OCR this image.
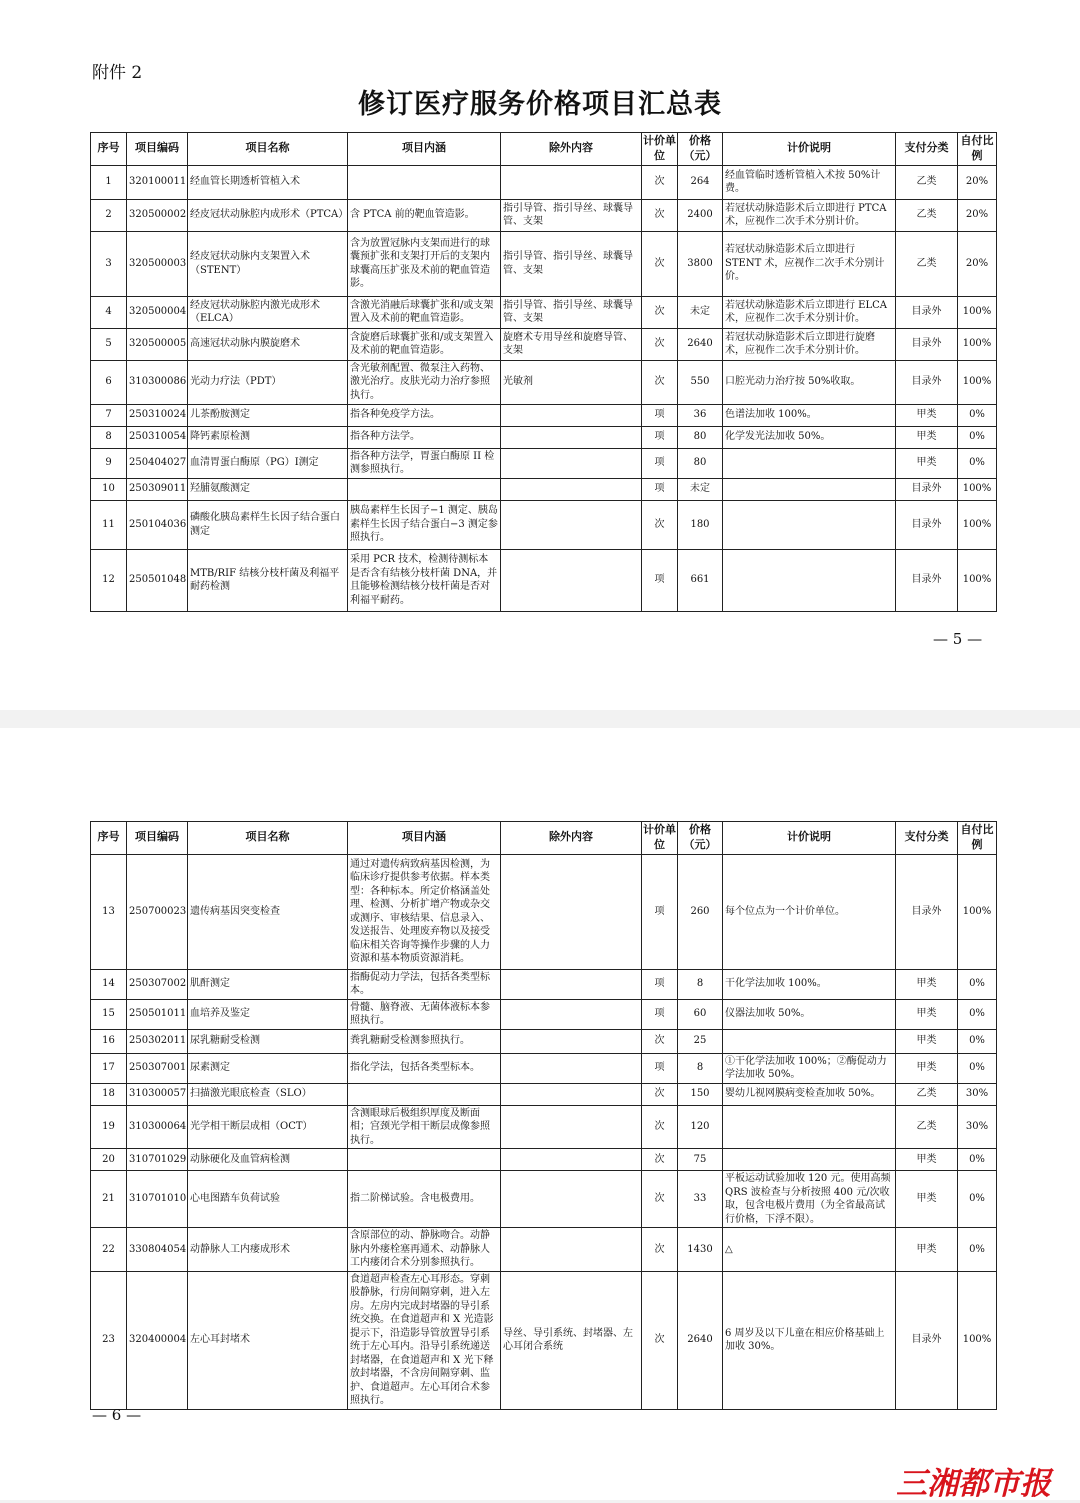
附件 2
修订医疗服务价格项目汇总表
序号	项目编码	项目名称	项目内涵	除外内容	计价单位	价格（元）	计价说明	支付分类	自付比例
1	320100011	经血管长期透析管植入术			次	264	经血管临时透析管植入术按 50%计费。	乙类	20%
2	320500002	经皮冠状动脉腔内成形术（PTCA）	含 PTCA 前的靶血管造影。	指引导管、指引导丝、球囊导管、支架	次	2400	若冠状动脉造影术后立即进行 PTCA 术，应视作二次手术分别计价。	乙类	20%
3	320500003	经皮冠状动脉内支架置入术（STENT）	含为放置冠脉内支架而进行的球囊预扩张和支架打开后的支架内球囊高压扩张及术前的靶血管造影。	指引导管、指引导丝、球囊导管、支架	次	3800	若冠状动脉造影术后立即进行 STENT 术，应视作二次手术分别计价。	乙类	20%
4	320500004	经皮冠状动脉腔内激光成形术（ELCA）	含激光消融后球囊扩张和/或支架置入及术前的靶血管造影。	指引导管、指引导丝、球囊导管、支架	次	未定	若冠状动脉造影术后立即进行 ELCA 术，应视作二次手术分别计价。	目录外	100%
5	320500005	高速冠状动脉内膜旋磨术	含旋磨后球囊扩张和/或支架置入及术前的靶血管造影。	旋磨术专用导丝和旋磨导管、支架	次	2640	若冠状动脉造影术后立即进行旋磨术，应视作二次手术分别计价。	目录外	100%
6	310300086	光动力疗法（PDT）	含光敏剂配置、微泵注入药物、激光治疗。皮肤光动力治疗参照执行。	光敏剂	次	550	口腔光动力治疗按 50%收取。	目录外	100%
7	250310024	儿茶酚胺测定	指各种免疫学方法。		项	36	色谱法加收 100%。	甲类	0%
8	250310054	降钙素原检测	指各种方法学。		项	80	化学发光法加收 50%。	甲类	0%
9	250404027	血清胃蛋白酶原（PG）Ⅰ测定	指各种方法学，胃蛋白酶原 II 检测参照执行。		项	80		甲类	0%
10	250309011	羟脯氨酸测定			项	未定		目录外	100%
11	250104036	磷酸化胰岛素样生长因子结合蛋白测定	胰岛素样生长因子−1 测定、胰岛素样生长因子结合蛋白−3 测定参照执行。		次	180		目录外	100%
12	250501048	MTB/RIF 结核分枝杆菌及利福平耐药检测	采用 PCR 技术，检测待测标本是否含有结核分枝杆菌 DNA，并且能够检测结核分枝杆菌是否对利福平耐药。		项	661		目录外	100%
— 5 —
序号	项目编码	项目名称	项目内涵	除外内容	计价单位	价格（元）	计价说明	支付分类	自付比例
13	250700023	遗传病基因突变检查	通过对遗传病致病基因检测，为临床诊疗提供参考依据。样本类型：各种标本。所定价格涵盖处理、检测、分析扩增产物或杂交或测序、审核结果、信息录入、发送报告、处理废弃物以及接受临床相关咨询等操作步骤的人力资源和基本物质资源消耗。		项	260	每个位点为一个计价单位。	目录外	100%
14	250307002	肌酐测定	指酶促动力学法，包括各类型标本。		项	8	干化学法加收 100%。	甲类	0%
15	250501011	血培养及鉴定	骨髓、脑脊液、无菌体液标本参照执行。		项	60	仪器法加收 50%。	甲类	0%
16	250302011	尿乳糖耐受检测	粪乳糖耐受检测参照执行。		次	25		甲类	0%
17	250307001	尿素测定	指化学法，包括各类型标本。		项	8	①干化学法加收 100%；②酶促动力学法加收 50%。	甲类	0%
18	310300057	扫描激光眼底检查（SLO）			次	150	婴幼儿视网膜病变检查加收 50%。	乙类	30%
19	310300064	光学相干断层成相（OCT）	含测眼球后极组织厚度及断面相；宫颈光学相干断层成像参照执行。		次	120		乙类	30%
20	310701029	动脉硬化及血管病检测			次	75		甲类	0%
21	310701010	心电图踏车负荷试验	指二阶梯试验。含电极费用。		次	33	平板运动试验加收 120 元。使用高频 QRS 波检查与分析按照 400 元/次收取，包含电极片费用（为全省最高试行价格，下浮不限）。	甲类	0%
22	330804054	动静脉人工内瘘成形术	含原部位的动、静脉吻合。动静脉内外瘘栓塞再通术、动静脉人工内瘘闭合术分别参照执行。		次	1430	△	甲类	0%
23	320400004	左心耳封堵术	食道超声检查左心耳形态。穿刺股静脉，行房间隔穿刺，进入左房。左房内完成封堵器的导引系统交换。在食道超声和 X 光造影提示下，沿造影导管放置导引系统于左心耳内。沿导引系统递送封堵器，在食道超声和 X 光下释放封堵器，不含房间隔穿刺、监护、食道超声。左心耳闭合术参照执行。	导丝、导引系统、封堵器、左心耳闭合系统	次	2640	6 周岁及以下儿童在相应价格基础上加收 30%。	目录外	100%
— 6 —
三湘都市报
